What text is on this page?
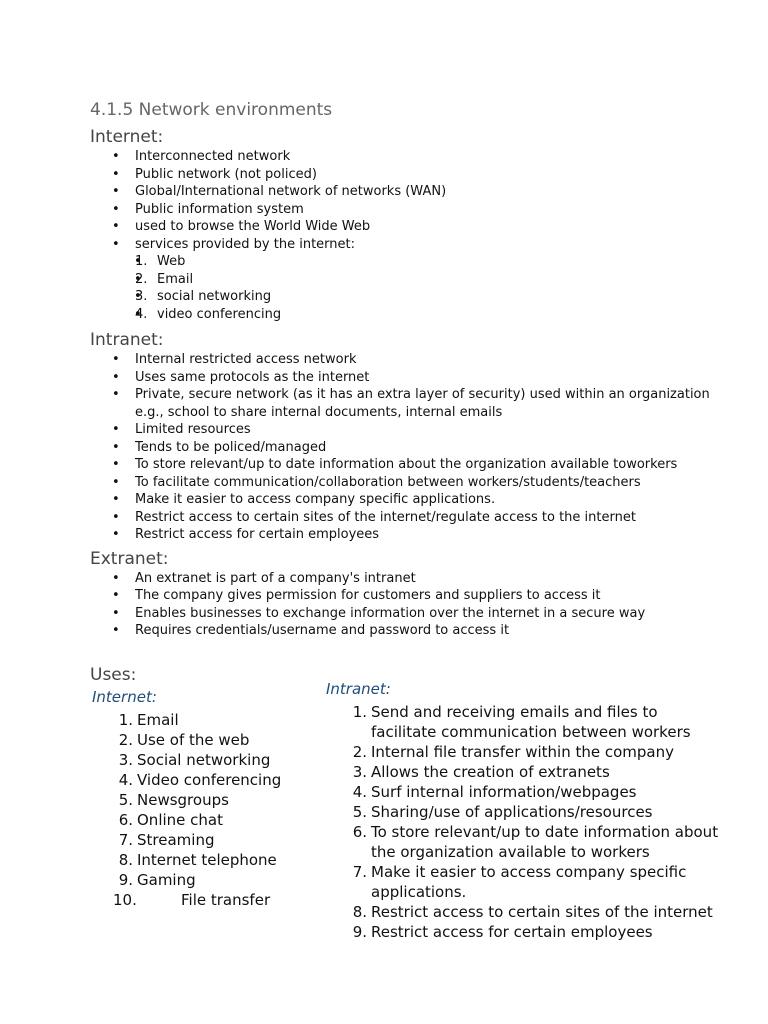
4.1.5 Network environments
Internet:
• Interconnected network
• Public network (not policed)
• Global/International network of networks (WAN)
• Public information system
• used to browse the World Wide Web
• services provided by the internet:
• 1. Web
• 2. Email
• 3. social networking
• 4. video conferencing
Intranet:
• Internal restricted access network
• Uses same protocols as the internet
• Private, secure network (as it has an extra layer of security) used within an organization e.g., school to share internal documents, internal emails
• Limited resources
• Tends to be policed/managed
• To store relevant/up to date information about the organization available toworkers
• To facilitate communication/collaboration between workers/students/teachers
• Make it easier to access company specific applications.
• Restrict access to certain sites of the internet/regulate access to the internet
• Restrict access for certain employees
Extranet:
• An extranet is part of a company's intranet
• The company gives permission for customers and suppliers to access it
• Enables businesses to exchange information over the internet in a secure way
• Requires credentials/username and password to access it
Uses:
Internet:
1. Email
2. Use of the web
3. Social networking
4. Video conferencing
5. Newsgroups
6. Online chat
7. Streaming
8. Internet telephone
9. Gaming
10.	File transfer
Intranet:
1. Send and receiving emails and files to facilitate communication between workers
2. Internal file transfer within the company
3. Allows the creation of extranets
4. Surf internal information/webpages
5. Sharing/use of applications/resources
6. To store relevant/up to date information about the organization available to workers
7. Make it easier to access company specific applications.
8. Restrict access to certain sites of the internet
9. Restrict access for certain employees
